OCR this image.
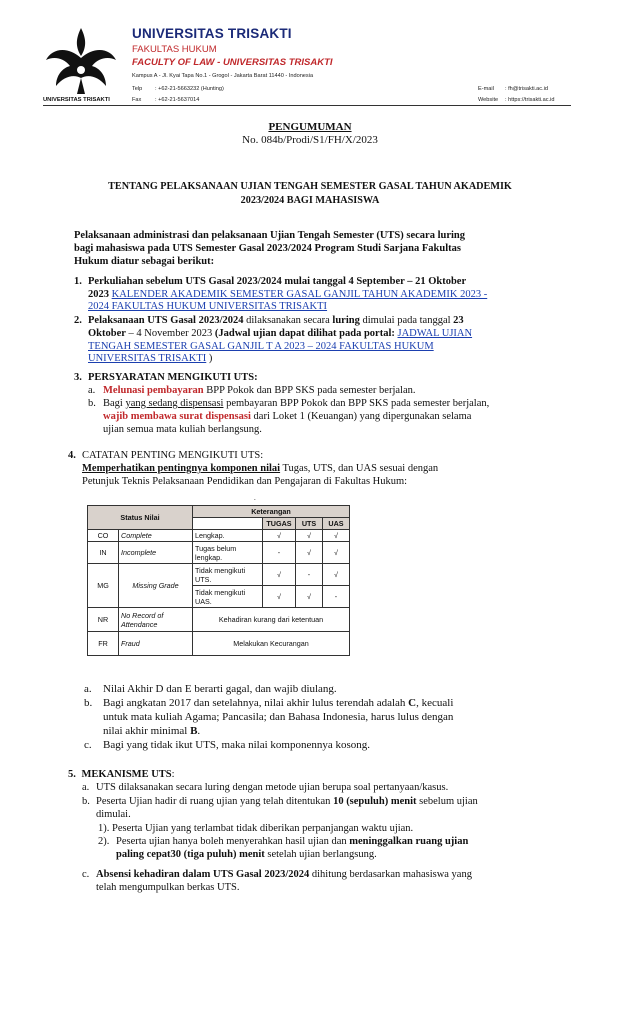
UNIVERSITAS TRISAKTI
UNIVERSITAS TRISAKTI
FAKULTAS HUKUM
FACULTY OF LAW - UNIVERSITAS TRISAKTI
Kampus A - Jl. Kyai Tapa No.1 - Grogol - Jakarta Barat 11440 - Indonesia
Telp : +62-21-5663232 (Hunting)
Fax : +62-21-5637014
E-mail : fh@trisakti.ac.id
Website : https://trisakti.ac.id
PENGUMUMAN
No. 084b/Prodi/S1/FH/X/2023
TENTANG PELAKSANAAN UJIAN TENGAH SEMESTER GASAL TAHUN AKADEMIK
2023/2024 BAGI MAHASISWA
Pelaksanaan administrasi dan pelaksanaan Ujian Tengah Semester (UTS) secara luring
bagi mahasiswa pada UTS Semester Gasal 2023/2024 Program Studi Sarjana Fakultas
Hukum diatur sebagai berikut:
1. Perkuliahan sebelum UTS Gasal 2023/2024 mulai tanggal 4 September – 21 Oktober
2023 KALENDER AKADEMIK SEMESTER GASAL GANJIL TAHUN AKADEMIK 2023 -
2024 FAKULTAS HUKUM UNIVERSITAS TRISAKTI
2. Pelaksanaan UTS Gasal 2023/2024 dilaksanakan secara luring dimulai pada tanggal 23
Oktober – 4 November 2023 (Jadwal ujian dapat dilihat pada portal: JADWAL UJIAN
TENGAH SEMESTER GASAL GANJIL T A 2023 – 2024 FAKULTAS HUKUM
UNIVERSITAS TRISAKTI )
3. PERSYARATAN MENGIKUTI UTS:
a. Melunasi pembayaran BPP Pokok dan BPP SKS pada semester berjalan.
b. Bagi yang sedang dispensasi pembayaran BPP Pokok dan BPP SKS pada semester berjalan,
wajib membawa surat dispensasi dari Loket 1 (Keuangan) yang dipergunakan selama
ujian semua mata kuliah berlangsung.
4. CATATAN PENTING MENGIKUTI UTS:
Memperhatikan pentingnya komponen nilai Tugas, UTS, dan UAS sesuai dengan
Petunjuk Teknis Pelaksanaan Pendidikan dan Pengajaran di Fakultas Hukum:
.
Status Nilai		Keterangan			
			TUGAS	UTS	UAS
CO	Complete	Lengkap.	√	√	√
IN	Incomplete	Tugas belum lengkap.	-	√	√
MG	Missing Grade	Tidak mengikuti UTS.	√	-	√
		Tidak mengikuti UAS.	√	√	-
NR	No Record of Attendance	Kehadiran kurang dari ketentuan			
FR	Fraud	Melakukan Kecurangan			
a. Nilai Akhir D dan E berarti gagal, dan wajib diulang.
b. Bagi angkatan 2017 dan setelahnya, nilai akhir lulus terendah adalah C, kecuali
untuk mata kuliah Agama; Pancasila; dan Bahasa Indonesia, harus lulus dengan
nilai akhir minimal B.
c. Bagi yang tidak ikut UTS, maka nilai komponennya kosong.
5. MEKANISME UTS:
a. UTS dilaksanakan secara luring dengan metode ujian berupa soal pertanyaan/kasus.
b. Peserta Ujian hadir di ruang ujian yang telah ditentukan 10 (sepuluh) menit sebelum ujian
dimulai.
1). Peserta Ujian yang terlambat tidak diberikan perpanjangan waktu ujian.
2). Peserta ujian hanya boleh menyerahkan hasil ujian dan meninggalkan ruang ujian
paling cepat30 (tiga puluh) menit setelah ujian berlangsung.
c. Absensi kehadiran dalam UTS Gasal 2023/2024 dihitung berdasarkan mahasiswa yang
telah mengumpulkan berkas UTS.
